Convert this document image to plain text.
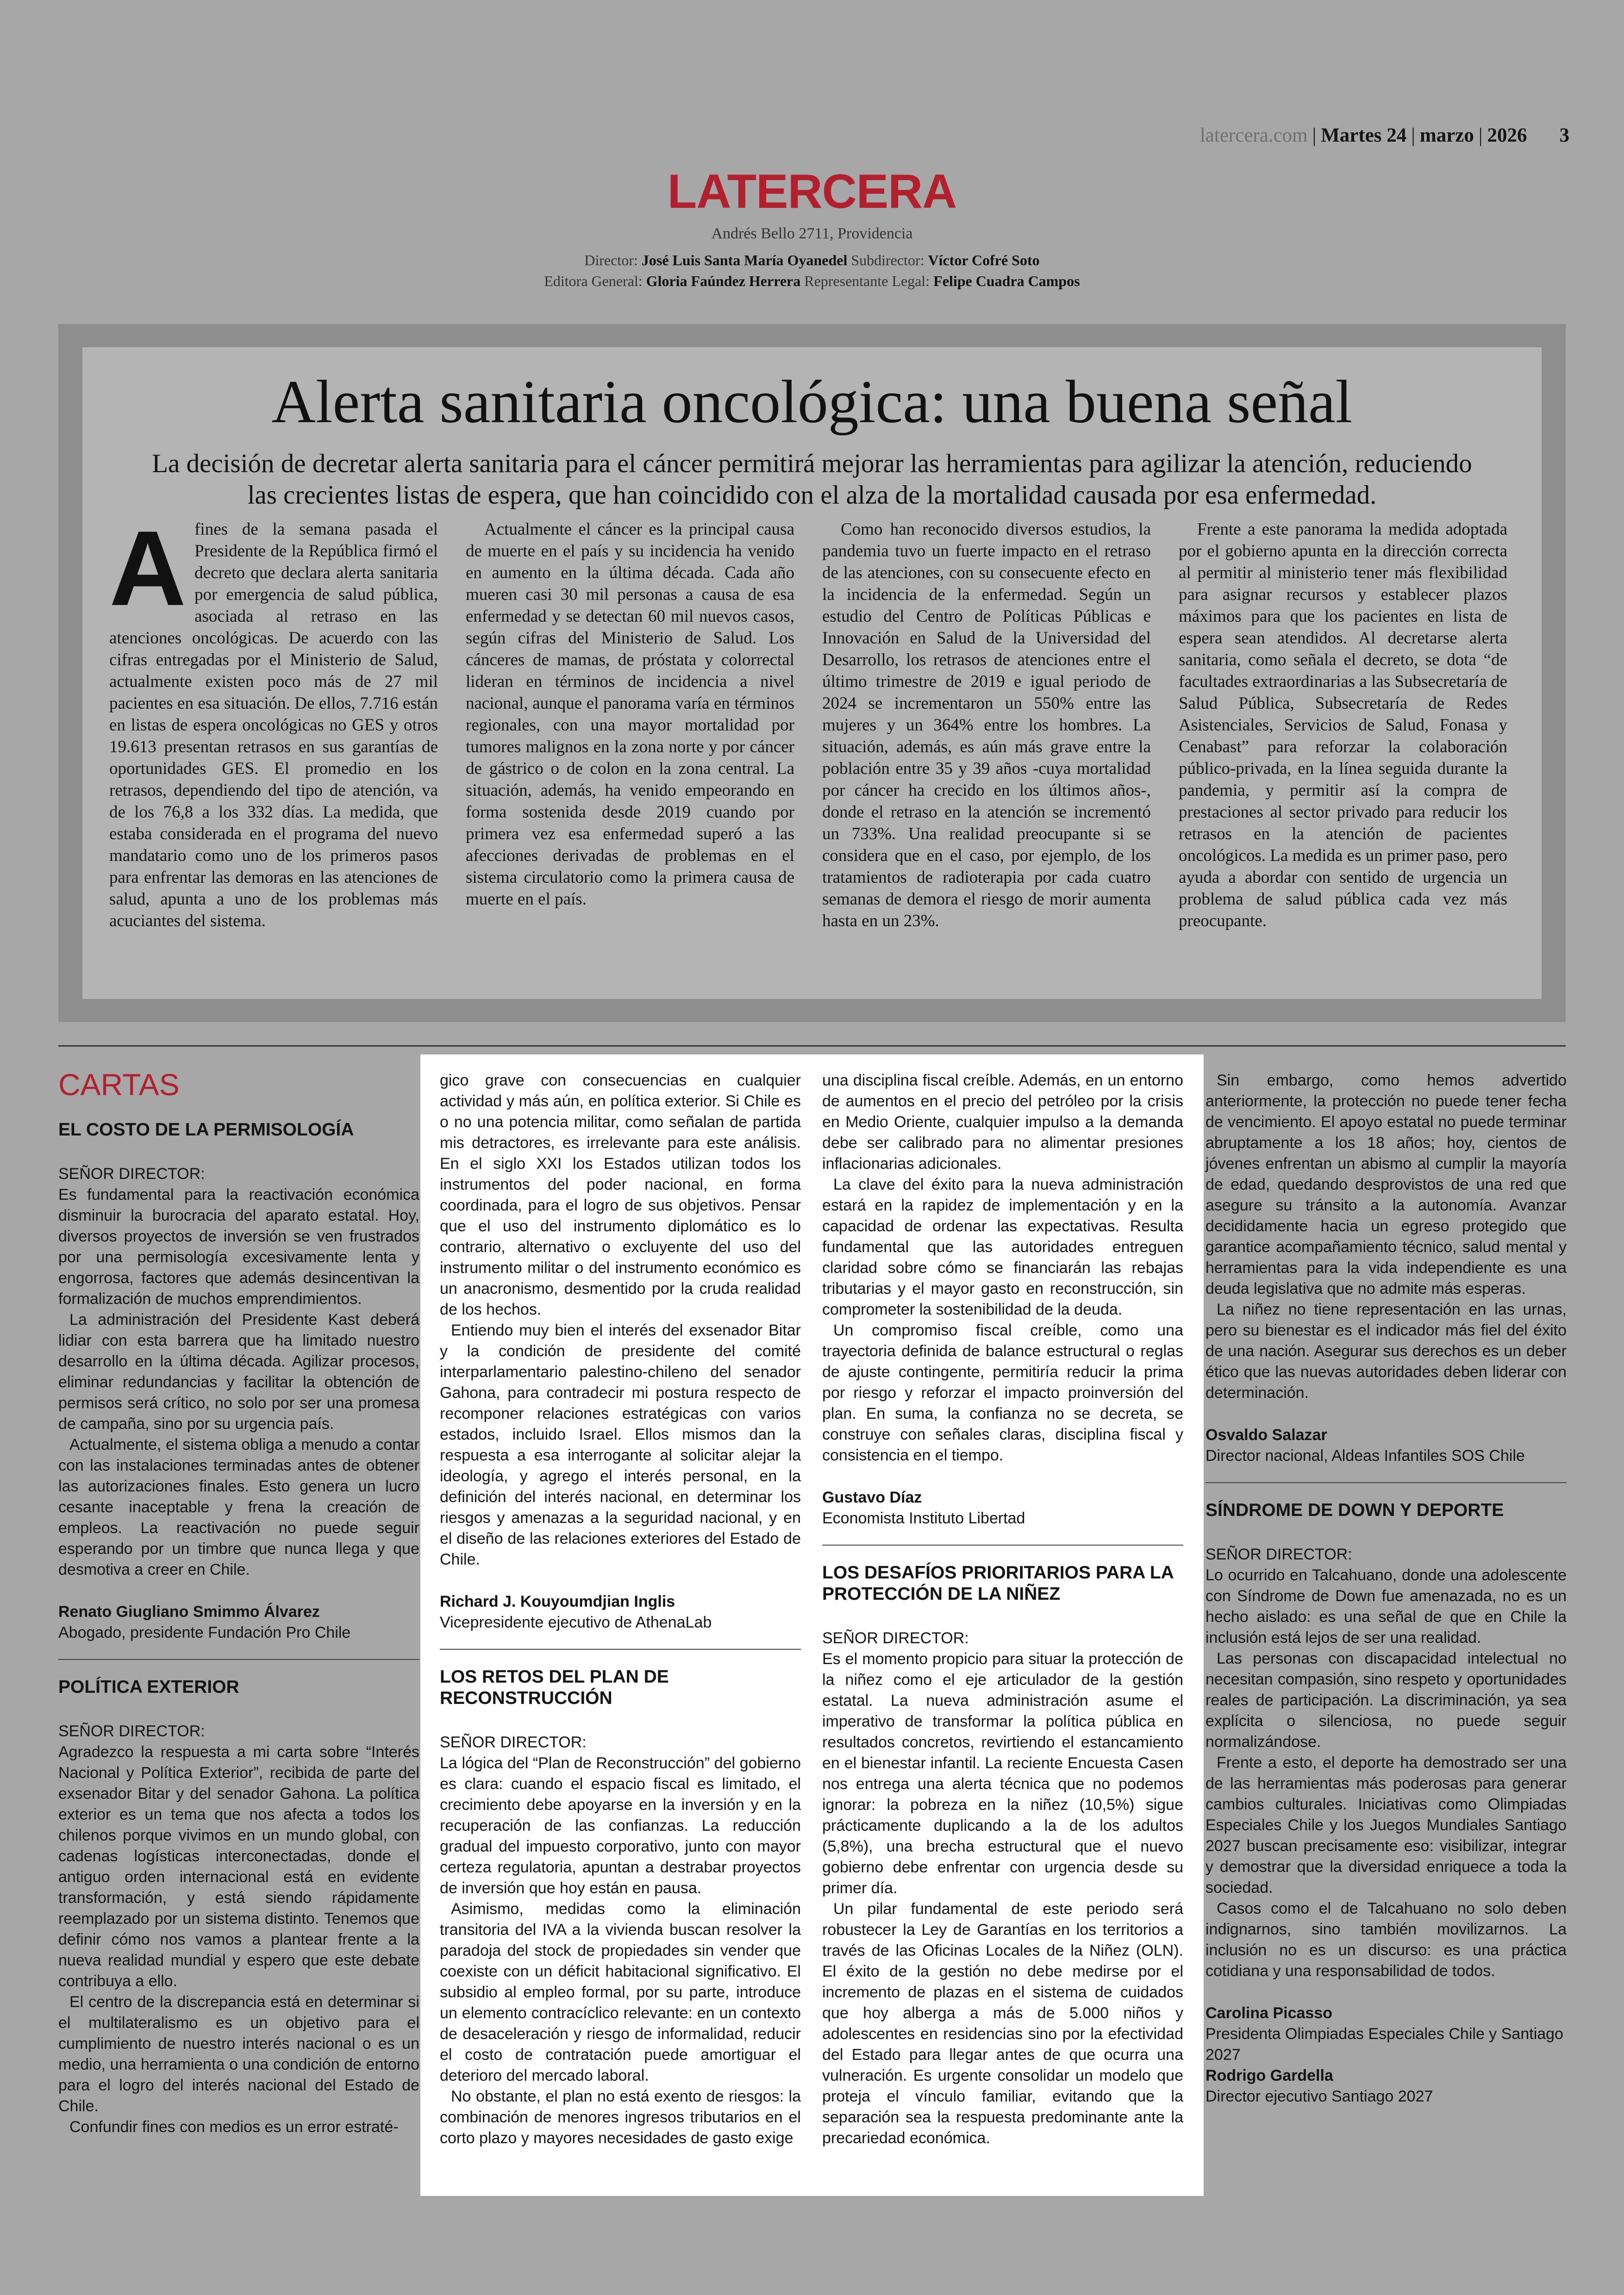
latercera.com | Martes 24 | marzo | 2026 3
LATERCERA
Andrés Bello 2711, Providencia
Director: José Luis Santa María Oyanedel Subdirector: Víctor Cofré Soto
Editora General: Gloria Faúndez Herrera Representante Legal: Felipe Cuadra Campos
Alerta sanitaria oncológica: una buena señal
La decisión de decretar alerta sanitaria para el cáncer permitirá mejorar las herramientas para agilizar la atención, reduciendo las crecientes listas de espera, que han coincidido con el alza de la mortalidad causada por esa enfermedad.
Afines de la semana pasada el Presidente de la República firmó el decreto que declara alerta sanitaria por emergencia de salud pública, asociada al retraso en las atenciones oncológicas. De acuerdo con las cifras entregadas por el Ministerio de Salud, actualmente existen poco más de 27 mil pacientes en esa situación. De ellos, 7.716 están en listas de espera oncológicas no GES y otros 19.613 presentan retrasos en sus garantías de oportunidades GES. El promedio en los retrasos, dependiendo del tipo de atención, va de los 76,8 a los 332 días. La medida, que estaba considerada en el programa del nuevo mandatario como uno de los primeros pasos para enfrentar las demoras en las atenciones de salud, apunta a uno de los problemas más acuciantes del sistema.
Actualmente el cáncer es la principal causa de muerte en el país y su incidencia ha venido en aumento en la última década. Cada año mueren casi 30 mil personas a causa de esa enfermedad y se detectan 60 mil nuevos casos, según cifras del Ministerio de Salud. Los cánceres de mamas, de próstata y colorrectal lideran en términos de incidencia a nivel nacional, aunque el panorama varía en términos regionales, con una mayor mortalidad por tumores malignos en la zona norte y por cáncer de gástrico o de colon en la zona central. La situación, además, ha venido empeorando en forma sostenida desde 2019 cuando por primera vez esa enfermedad superó a las afecciones derivadas de problemas en el sistema circulatorio como la primera causa de muerte en el país.
Como han reconocido diversos estudios, la pandemia tuvo un fuerte impacto en el retraso de las atenciones, con su consecuente efecto en la incidencia de la enfermedad. Según un estudio del Centro de Políticas Públicas e Innovación en Salud de la Universidad del Desarrollo, los retrasos de atenciones entre el último trimestre de 2019 e igual periodo de 2024 se incrementaron un 550% entre las mujeres y un 364% entre los hombres. La situación, además, es aún más grave entre la población entre 35 y 39 años -cuya mortalidad por cáncer ha crecido en los últimos años-, donde el retraso en la atención se incrementó un 733%. Una realidad preocupante si se considera que en el caso, por ejemplo, de los tratamientos de radioterapia por cada cuatro semanas de demora el riesgo de morir aumenta hasta en un 23%.
Frente a este panorama la medida adoptada por el gobierno apunta en la dirección correcta al permitir al ministerio tener más flexibilidad para asignar recursos y establecer plazos máximos para que los pacientes en lista de espera sean atendidos. Al decretarse alerta sanitaria, como señala el decreto, se dota “de facultades extraordinarias a las Subsecretaría de Salud Pública, Subsecretaría de Redes Asistenciales, Servicios de Salud, Fonasa y Cenabast” para reforzar la colaboración público-privada, en la línea seguida durante la pandemia, y permitir así la compra de prestaciones al sector privado para reducir los retrasos en la atención de pacientes oncológicos. La medida es un primer paso, pero ayuda a abordar con sentido de urgencia un problema de salud pública cada vez más preocupante.
CARTAS
EL COSTO DE LA PERMISOLOGÍA
SEÑOR DIRECTOR:

Es fundamental para la reactivación económica disminuir la burocracia del aparato estatal. Hoy, diversos proyectos de inversión se ven frustrados por una permisología excesivamente lenta y engorrosa, factores que además desincentivan la formalización de muchos emprendimientos.

La administración del Presidente Kast deberá lidiar con esta barrera que ha limitado nuestro desarrollo en la última década. Agilizar procesos, eliminar redundancias y facilitar la obtención de permisos será crítico, no solo por ser una promesa de campaña, sino por su urgencia país.

Actualmente, el sistema obliga a menudo a contar con las instalaciones terminadas antes de obtener las autorizaciones finales. Esto genera un lucro cesante inaceptable y frena la creación de empleos. La reactivación no puede seguir esperando por un timbre que nunca llega y que desmotiva a creer en Chile.

Renato Giugliano Smimmo Álvarez
Abogado, presidente Fundación Pro Chile
POLÍTICA EXTERIOR
SEÑOR DIRECTOR:

Agradezco la respuesta a mi carta sobre “Interés Nacional y Política Exterior”, recibida de parte del exsenador Bitar y del senador Gahona. La política exterior es un tema que nos afecta a todos los chilenos porque vivimos en un mundo global, con cadenas logísticas interconectadas, donde el antiguo orden internacional está en evidente transformación, y está siendo rápidamente reemplazado por un sistema distinto. Tenemos que definir cómo nos vamos a plantear frente a la nueva realidad mundial y espero que este debate contribuya a ello.

El centro de la discrepancia está en determinar si el multilateralismo es un objetivo para el cumplimiento de nuestro interés nacional o es un medio, una herramienta o una condición de entorno para el logro del interés nacional del Estado de Chile.

Confundir fines con medios es un error estraté-

gico grave con consecuencias en cualquier actividad y más aún, en política exterior. Si Chile es o no una potencia militar, como señalan de partida mis detractores, es irrelevante para este análisis. En el siglo XXI los Estados utilizan todos los instrumentos del poder nacional, en forma coordinada, para el logro de sus objetivos. Pensar que el uso del instrumento diplomático es lo contrario, alternativo o excluyente del uso del instrumento militar o del instrumento económico es un anacronismo, desmentido por la cruda realidad de los hechos.

Entiendo muy bien el interés del exsenador Bitar y la condición de presidente del comité interparlamentario palestino-chileno del senador Gahona, para contradecir mi postura respecto de recomponer relaciones estratégicas con varios estados, incluido Israel. Ellos mismos dan la respuesta a esa interrogante al solicitar alejar la ideología, y agrego el interés personal, en la definición del interés nacional, en determinar los riesgos y amenazas a la seguridad nacional, y en el diseño de las relaciones exteriores del Estado de Chile.

Richard J. Kouyoumdjian Inglis
Vicepresidente ejecutivo de AthenaLab
LOS RETOS DEL PLAN DE RECONSTRUCCIÓN
SEÑOR DIRECTOR:

La lógica del “Plan de Reconstrucción” del gobierno es clara: cuando el espacio fiscal es limitado, el crecimiento debe apoyarse en la inversión y en la recuperación de las confianzas. La reducción gradual del impuesto corporativo, junto con mayor certeza regulatoria, apuntan a destrabar proyectos de inversión que hoy están en pausa.

Asimismo, medidas como la eliminación transitoria del IVA a la vivienda buscan resolver la paradoja del stock de propiedades sin vender que coexiste con un déficit habitacional significativo. El subsidio al empleo formal, por su parte, introduce un elemento contracíclico relevante: en un contexto de desaceleración y riesgo de informalidad, reducir el costo de contratación puede amortiguar el deterioro del mercado laboral.

No obstante, el plan no está exento de riesgos: la combinación de menores ingresos tributarios en el corto plazo y mayores necesidades de gasto exige

una disciplina fiscal creíble. Además, en un entorno de aumentos en el precio del petróleo por la crisis en Medio Oriente, cualquier impulso a la demanda debe ser calibrado para no alimentar presiones inflacionarias adicionales.

La clave del éxito para la nueva administración estará en la rapidez de implementación y en la capacidad de ordenar las expectativas. Resulta fundamental que las autoridades entreguen claridad sobre cómo se financiarán las rebajas tributarias y el mayor gasto en reconstrucción, sin comprometer la sostenibilidad de la deuda.

Un compromiso fiscal creíble, como una trayectoria definida de balance estructural o reglas de ajuste contingente, permitiría reducir la prima por riesgo y reforzar el impacto proinversión del plan. En suma, la confianza no se decreta, se construye con señales claras, disciplina fiscal y consistencia en el tiempo.

Gustavo Díaz
Economista Instituto Libertad
LOS DESAFÍOS PRIORITARIOS PARA LA PROTECCIÓN DE LA NIÑEZ
SEÑOR DIRECTOR:

Es el momento propicio para situar la protección de la niñez como el eje articulador de la gestión estatal. La nueva administración asume el imperativo de transformar la política pública en resultados concretos, revirtiendo el estancamiento en el bienestar infantil. La reciente Encuesta Casen nos entrega una alerta técnica que no podemos ignorar: la pobreza en la niñez (10,5%) sigue prácticamente duplicando a la de los adultos (5,8%), una brecha estructural que el nuevo gobierno debe enfrentar con urgencia desde su primer día.

Un pilar fundamental de este periodo será robustecer la Ley de Garantías en los territorios a través de las Oficinas Locales de la Niñez (OLN). El éxito de la gestión no debe medirse por el incremento de plazas en el sistema de cuidados que hoy alberga a más de 5.000 niños y adolescentes en residencias sino por la efectividad del Estado para llegar antes de que ocurra una vulneración. Es urgente consolidar un modelo que proteja el vínculo familiar, evitando que la separación sea la respuesta predominante ante la precariedad económica.

Sin embargo, como hemos advertido anteriormente, la protección no puede tener fecha de vencimiento. El apoyo estatal no puede terminar abruptamente a los 18 años; hoy, cientos de jóvenes enfrentan un abismo al cumplir la mayoría de edad, quedando desprovistos de una red que asegure su tránsito a la autonomía. Avanzar decididamente hacia un egreso protegido que garantice acompañamiento técnico, salud mental y herramientas para la vida independiente es una deuda legislativa que no admite más esperas.

La niñez no tiene representación en las urnas, pero su bienestar es el indicador más fiel del éxito de una nación. Asegurar sus derechos es un deber ético que las nuevas autoridades deben liderar con determinación.

Osvaldo Salazar
Director nacional, Aldeas Infantiles SOS Chile
SÍNDROME DE DOWN Y DEPORTE
SEÑOR DIRECTOR:

Lo ocurrido en Talcahuano, donde una adolescente con Síndrome de Down fue amenazada, no es un hecho aislado: es una señal de que en Chile la inclusión está lejos de ser una realidad.

Las personas con discapacidad intelectual no necesitan compasión, sino respeto y oportunidades reales de participación. La discriminación, ya sea explícita o silenciosa, no puede seguir normalizándose.

Frente a esto, el deporte ha demostrado ser una de las herramientas más poderosas para generar cambios culturales. Iniciativas como Olimpiadas Especiales Chile y los Juegos Mundiales Santiago 2027 buscan precisamente eso: visibilizar, integrar y demostrar que la diversidad enriquece a toda la sociedad.

Casos como el de Talcahuano no solo deben indignarnos, sino también movilizarnos. La inclusión no es un discurso: es una práctica cotidiana y una responsabilidad de todos.

Carolina Picasso
Presidenta Olimpiadas Especiales Chile y Santiago 2027
Rodrigo Gardella
Director ejecutivo Santiago 2027
